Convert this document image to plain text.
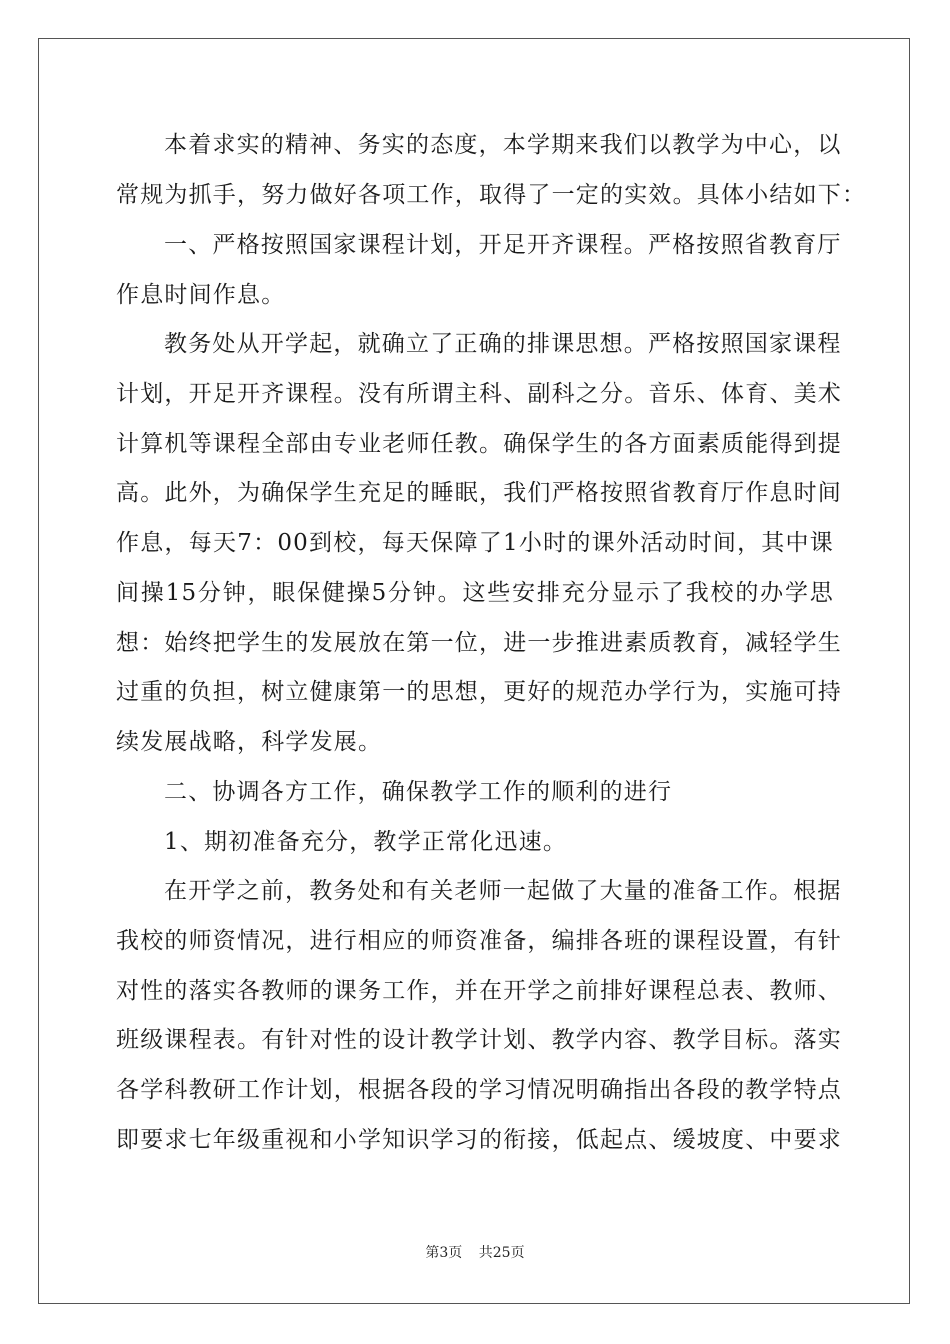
本着求实的精神、务实的态度，本学期来我们以教学为中心，以
常规为抓手，努力做好各项工作，取得了一定的实效。具体小结如下：
一、严格按照国家课程计划，开足开齐课程。严格按照省教育厅
作息时间作息。
教务处从开学起，就确立了正确的排课思想。严格按照国家课程
计划，开足开齐课程。没有所谓主科、副科之分。音乐、体育、美术
计算机等课程全部由专业老师任教。确保学生的各方面素质能得到提
高。此外，为确保学生充足的睡眠，我们严格按照省教育厅作息时间
作息，每天7：00到校，每天保障了1小时的课外活动时间，其中课
间操15分钟，眼保健操5分钟。这些安排充分显示了我校的办学思
想：始终把学生的发展放在第一位，进一步推进素质教育，减轻学生
过重的负担，树立健康第一的思想，更好的规范办学行为，实施可持
续发展战略，科学发展。
二、协调各方工作，确保教学工作的顺利的进行
1、期初准备充分，教学正常化迅速。
在开学之前，教务处和有关老师一起做了大量的准备工作。根据
我校的师资情况，进行相应的师资准备，编排各班的课程设置，有针
对性的落实各教师的课务工作，并在开学之前排好课程总表、教师、
班级课程表。有针对性的设计教学计划、教学内容、教学目标。落实
各学科教研工作计划，根据各段的学习情况明确指出各段的教学特点
即要求七年级重视和小学知识学习的衔接，低起点、缓坡度、中要求
第3页 共25页
